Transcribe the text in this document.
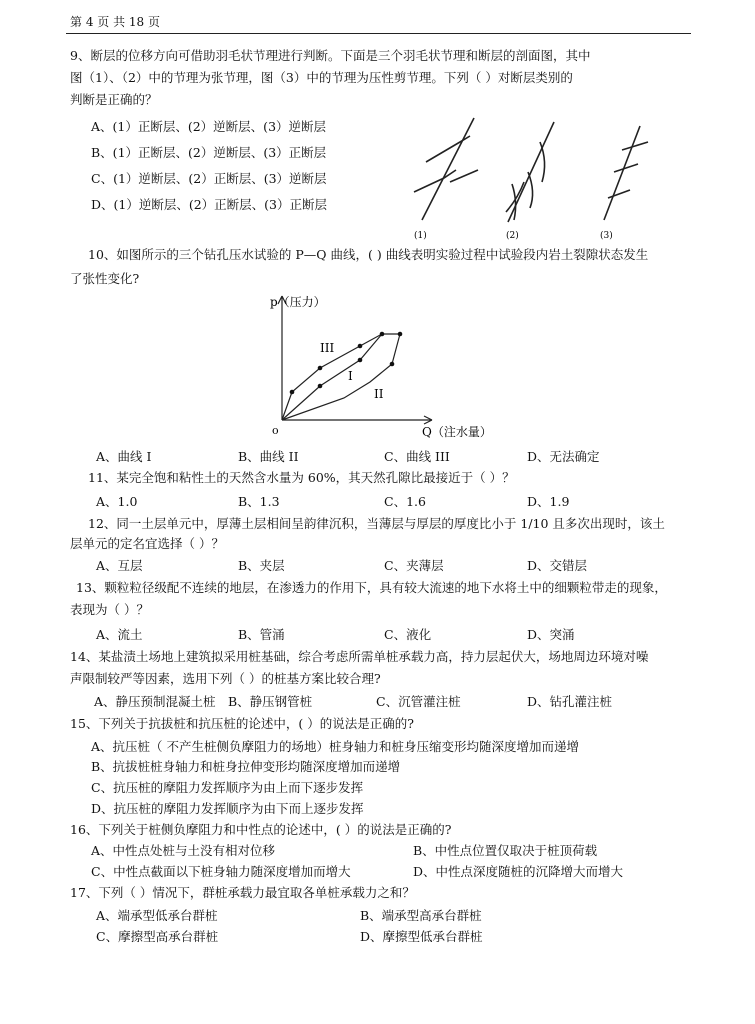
第 4 页 共 18 页
9、断层的位移方向可借助羽毛状节理进行判断。下面是三个羽毛状节理和断层的剖面图，其中
图（1）、（2）中的节理为张节理，图（3）中的节理为压性剪节理。下列（ ）对断层类别的
判断是正确的？
A、(1）正断层、(2）逆断层、(3）逆断层
B、(1）正断层、(2）逆断层、(3）正断层
C、(1）逆断层、(2）正断层、(3）逆断层
D、(1）逆断层、(2）正断层、(3）正断层
(1)	(2)	(3)
10、如图所示的三个钻孔压水试验的 P—Q 曲线，( ) 曲线表明实验过程中试验段内岩土裂隙状态发生
了张性变化?
p（压力）
Q（注水量）
o
I
II
III
A、曲线 I	B、曲线 II	C、曲线 III	D、无法确定
11、某完全饱和粘性土的天然含水量为 60%，其天然孔隙比最接近于（ ）？
A、1.0	B、1.3	C、1.6	D、1.9
12、同一土层单元中，厚薄土层相间呈韵律沉积，当薄层与厚层的厚度比小于 1/10 且多次出现时，该土
层单元的定名宜选择（ ）？
A、互层	B、夹层	C、夹薄层	D、交错层
13、颗粒粒径级配不连续的地层，在渗透力的作用下，具有较大流速的地下水将土中的细颗粒带走的现象，
表现为（ ）？
A、流土	B、管涌	C、液化	D、突涌
14、某盐渍土场地上建筑拟采用桩基础，综合考虑所需单桩承载力高，持力层起伏大，场地周边环境对噪
声限制较严等因素，选用下列（ ）的桩基方案比较合理?
A、静压预制混凝土桩 B、静压钢管桩	C、沉管灌注桩	D、钻孔灌注桩
15、下列关于抗拔桩和抗压桩的论述中，( ）的说法是正确的?
A、抗压桩（ 不产生桩侧负摩阻力的场地）桩身轴力和桩身压缩变形均随深度增加而递增
B、抗拔桩桩身轴力和桩身拉伸变形均随深度增加而递增
C、抗压桩的摩阻力发挥顺序为由上而下逐步发挥
D、抗压桩的摩阻力发挥顺序为由下而上逐步发挥
16、下列关于桩侧负摩阻力和中性点的论述中，( ）的说法是正确的?
A、中性点处桩与土没有相对位移	B、中性点位置仅取决于桩顶荷载
C、中性点截面以下桩身轴力随深度增加而增大	D、中性点深度随桩的沉降增大而增大
17、下列（ ）情况下，群桩承载力最宜取各单桩承载力之和？
A、端承型低承台群桩	B、端承型高承台群桩
C、摩擦型高承台群桩	D、摩擦型低承台群桩
